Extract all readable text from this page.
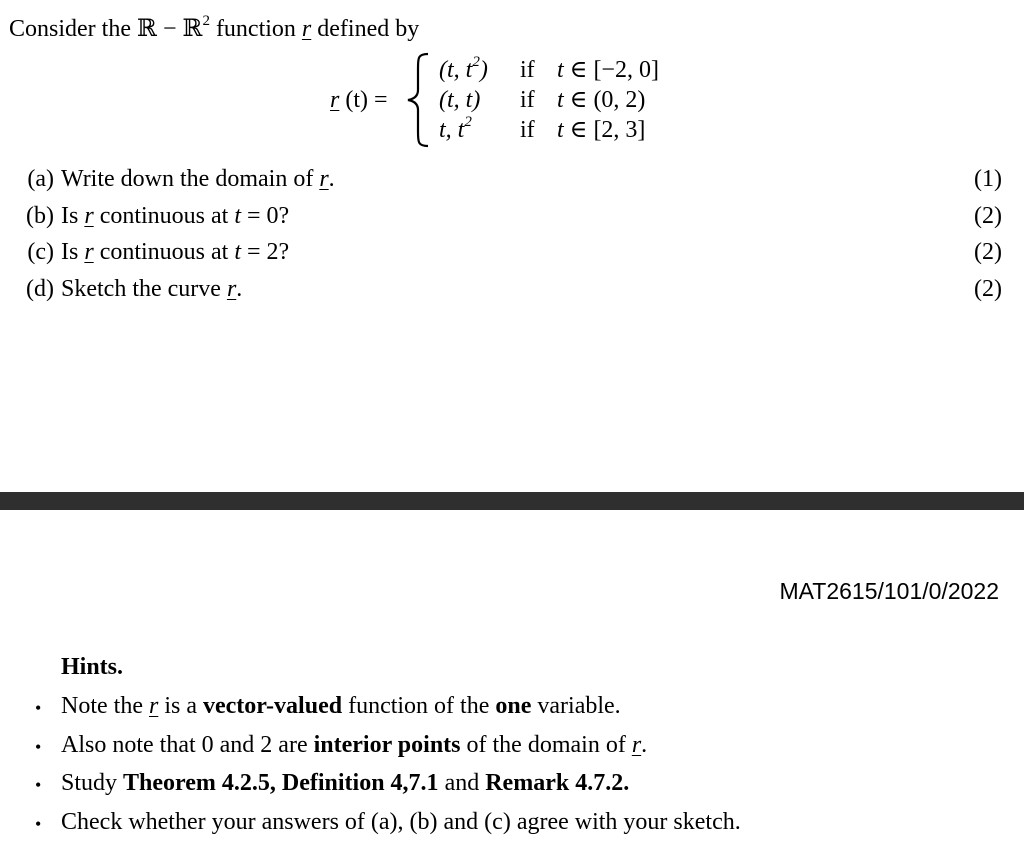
Consider the ℝ − ℝ$^2$ function r defined by
r (t) =
(t, $t^2$) if t ∈ [−2, 0]
(t, t) if t ∈ (0, 2)
t, $t^2$ if t ∈ [2, 3]
(a) Write down the domain of r.	(1)
(b) Is r continuous at t = 0?	(2)
(c) Is r continuous at t = 2?	(2)
(d) Sketch the curve r.	(2)
MAT2615/101/0/2022
Hints.
• Note the r is a vector-valued function of the one variable.
• Also note that 0 and 2 are interior points of the domain of r.
• Study Theorem 4.2.5, Definition 4,7.1 and Remark 4.7.2.
• Check whether your answers of (a), (b) and (c) agree with your sketch.
